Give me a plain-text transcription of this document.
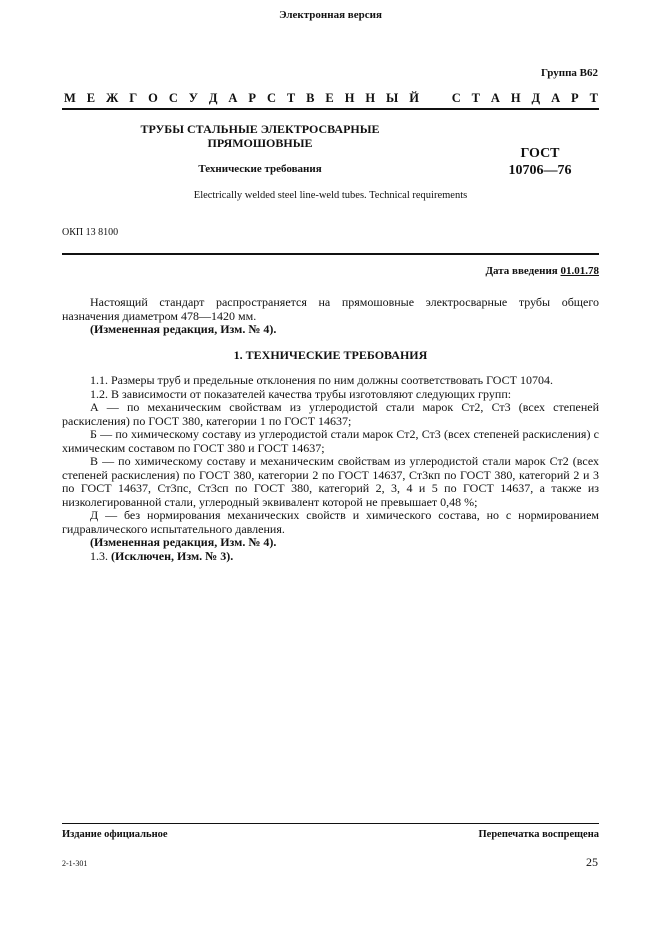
Электронная версия
Группа В62
М Е Ж Г О С У Д А Р С Т В Е Н Н Ы Й	С Т А Н Д А Р Т
ТРУБЫ СТАЛЬНЫЕ ЭЛЕКТРОСВАРНЫЕ
ПРЯМОШОВНЫЕ
ГОСТ
10706—76
Технические требования
Electrically welded steel line-weld tubes. Technical requirements
ОКП 13 8100
Дата введения 01.01.78

Настоящий стандарт распространяется на прямошовные электросварные трубы общего назначения диаметром 478—1420 мм.

(Измененная редакция, Изм. № 4).

1. ТЕХНИЧЕСКИЕ ТРЕБОВАНИЯ

1.1. Размеры труб и предельные отклонения по ним должны соответствовать ГОСТ 10704.

1.2. В зависимости от показателей качества трубы изготовляют следующих групп:

А — по механическим свойствам из углеродистой стали марок Ст2, Ст3 (всех степеней раскисления) по ГОСТ 380, категории 1 по ГОСТ 14637;

Б — по химическому составу из углеродистой стали марок Ст2, Ст3 (всех степеней раскисления) с химическим составом по ГОСТ 380 и ГОСТ 14637;

В — по химическому составу и механическим свойствам из углеродистой стали марок Ст2 (всех степеней раскисления) по ГОСТ 380, категории 2 по ГОСТ 14637, Ст3кп по ГОСТ 380, категорий 2 и 3 по ГОСТ 14637, Ст3пс, Ст3сп по ГОСТ 380, категорий 2, 3, 4 и 5 по ГОСТ 14637, а также из низколегированной стали, углеродный эквивалент которой не превышает 0,48 %;

Д — без нормирования механических свойств и химического состава, но с нормированием гидравлического испытательного давления.

(Измененная редакция, Изм. № 4).

1.3. (Исключен, Изм. № 3).

Издание официальное	Перепечатка воспрещена
2-1-301	25
